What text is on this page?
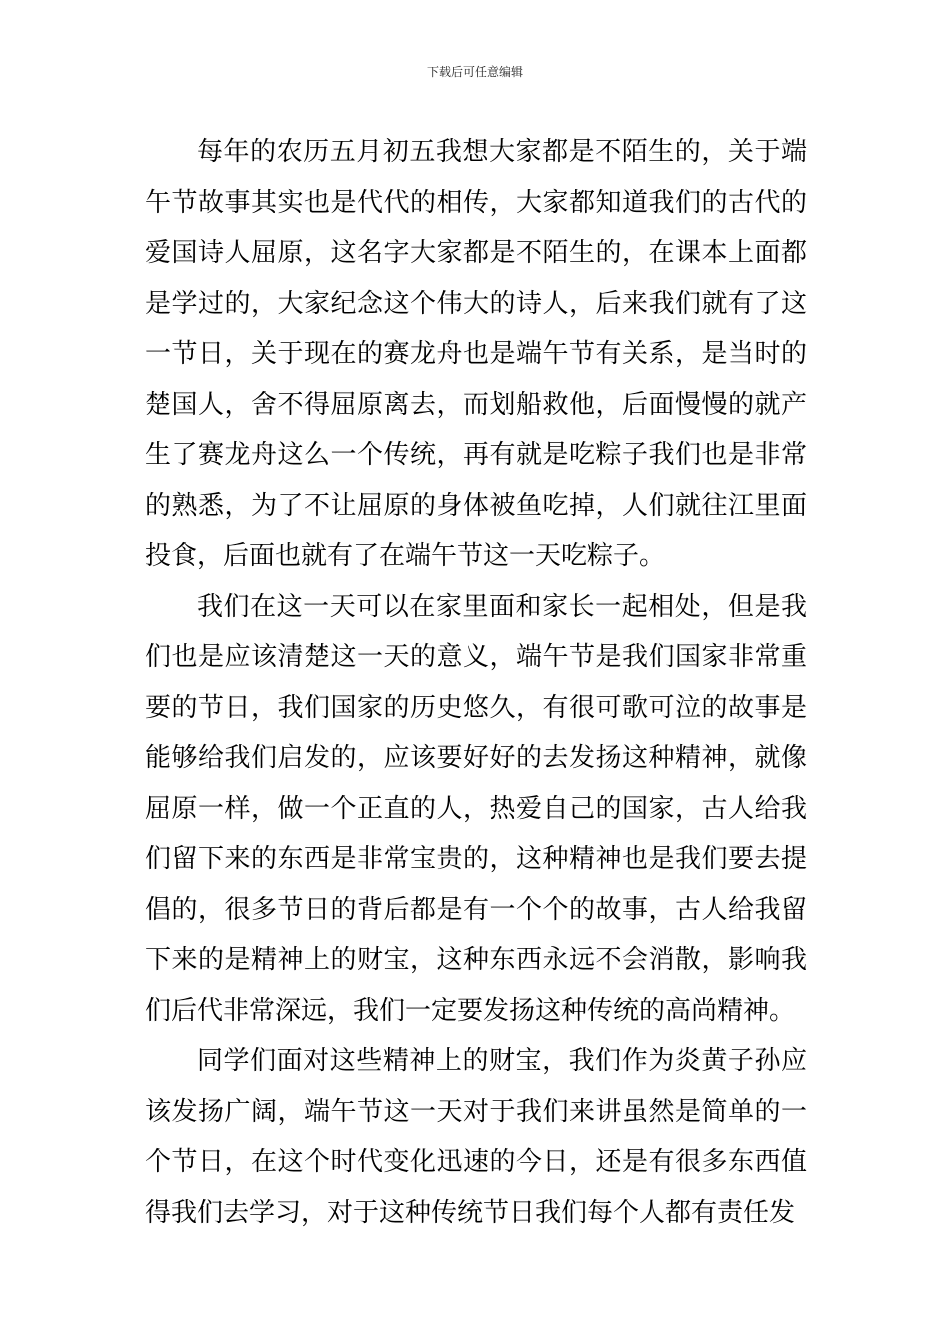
下载后可任意编辑

每年的农历五月初五我想大家都是不陌生的，关于端午节故事其实也是代代的相传，大家都知道我们的古代的爱国诗人屈原，这名字大家都是不陌生的，在课本上面都是学过的，大家纪念这个伟大的诗人，后来我们就有了这一节日，关于现在的赛龙舟也是端午节有关系，是当时的楚国人，舍不得屈原离去，而划船救他，后面慢慢的就产生了赛龙舟这么一个传统，再有就是吃粽子我们也是非常的熟悉，为了不让屈原的身体被鱼吃掉，人们就往江里面投食，后面也就有了在端午节这一天吃粽子。

我们在这一天可以在家里面和家长一起相处，但是我们也是应该清楚这一天的意义，端午节是我们国家非常重要的节日，我们国家的历史悠久，有很可歌可泣的故事是能够给我们启发的，应该要好好的去发扬这种精神，就像屈原一样，做一个正直的人，热爱自己的国家，古人给我们留下来的东西是非常宝贵的，这种精神也是我们要去提倡的，很多节日的背后都是有一个个的故事，古人给我留下来的是精神上的财宝，这种东西永远不会消散，影响我们后代非常深远，我们一定要发扬这种传统的高尚精神。

同学们面对这些精神上的财宝，我们作为炎黄子孙应该发扬广阔，端午节这一天对于我们来讲虽然是简单的一个节日，在这个时代变化迅速的今日，还是有很多东西值得我们去学习，对于这种传统节日我们每个人都有责任发
